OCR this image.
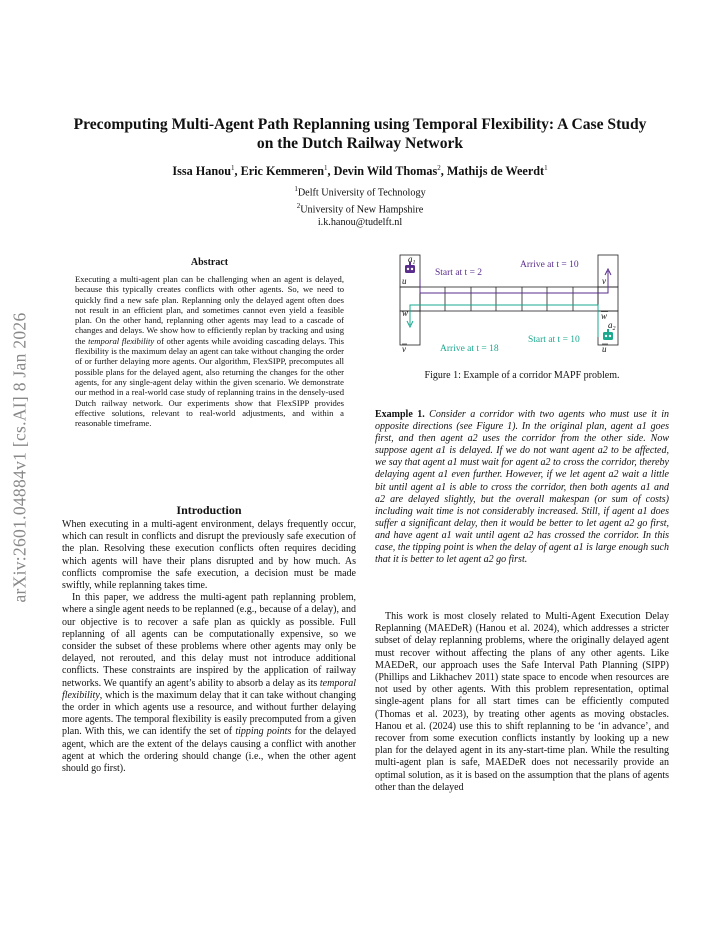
arXiv:2601.04884v1 [cs.AI] 8 Jan 2026
Precomputing Multi-Agent Path Replanning using Temporal Flexibility: A Case Study on the Dutch Railway Network
Issa Hanou$^1$, Eric Kemmeren$^1$, Devin Wild Thomas$^2$, Mathijs de Weerdt$^1$
$^1$Delft University of Technology
$^2$University of New Hampshire
i.k.hanou@tudelft.nl
Abstract
Executing a multi-agent plan can be challenging when an agent is delayed, because this typically creates conflicts with other agents. So, we need to quickly find a new safe plan. Replanning only the delayed agent often does not result in an efficient plan, and sometimes cannot even yield a feasible plan. On the other hand, replanning other agents may lead to a cascade of changes and delays. We show how to efficiently replan by tracking and using the temporal flexibility of other agents while avoiding cascading delays. This flexibility is the maximum delay an agent can take without changing the order of or further delaying more agents. Our algorithm, FlexSIPP, precomputes all possible plans for the delayed agent, also returning the changes for the other agents, for any single-agent delay within the given scenario. We demonstrate our method in a real-world case study of replanning trains in the densely-used Dutch railway network. Our experiments show that FlexSIPP provides effective solutions, relevant to real-world adjustments, and within a reasonable timeframe.
Introduction

When executing in a multi-agent environment, delays frequently occur, which can result in conflicts and disrupt the previously safe execution of the plan. Resolving these execution conflicts often requires deciding which agents will have their plans disrupted and by how much. As conflicts compromise the safe execution, a decision must be made swiftly, while replanning takes time.

In this paper, we address the multi-agent path replanning problem, where a single agent needs to be replanned (e.g., because of a delay), and our objective is to recover a safe plan as quickly as possible. Full replanning of all agents can be computationally expensive, so we consider the subset of these problems where other agents may only be delayed, not rerouted, and this delay must not introduce additional conflicts. These constraints are inspired by the application of railway networks. We quantify an agent’s ability to absorb a delay as its temporal flexibility, which is the maximum delay that it can take without changing the order in which agents use a resource, and without further delaying more agents. The temporal flexibility is easily precomputed from a given plan. With this, we can identify the set of tipping points for the delayed agent, which are the extent of the delays causing a conflict with another agent at which the ordering should change (i.e., when the other agent should go first).

$a_1$
u
w
v
v
w
$a_2$
u
Start at t = 2
Arrive at t = 10
Start at t = 10
Arrive at t = 18
Figure 1: Example of a corridor MAPF problem.
Example 1. Consider a corridor with two agents who must use it in opposite directions (see Figure 1). In the original plan, agent a1 goes first, and then agent a2 uses the corridor from the other side. Now suppose agent a1 is delayed. If we do not want agent a2 to be affected, we say that agent a1 must wait for agent a2 to cross the corridor, thereby delaying agent a1 even further. However, if we let agent a2 wait a little bit until agent a1 is able to cross the corridor, then both agents a1 and a2 are delayed slightly, but the overall makespan (or sum of costs) including wait time is not considerably increased. Still, if agent a1 does suffer a significant delay, then it would be better to let agent a2 go first, and have agent a1 wait until agent a2 has crossed the corridor. In this case, the tipping point is when the delay of agent a1 is large enough such that it is better to let agent a2 go first.
This work is most closely related to Multi-Agent Execution Delay Replanning (MAEDeR) (Hanou et al. 2024), which addresses a stricter subset of delay replanning problems, where the originally delayed agent must recover without affecting the plans of any other agents. Like MAEDeR, our approach uses the Safe Interval Path Planning (SIPP) (Phillips and Likhachev 2011) state space to encode when resources are not used by other agents. With this problem representation, optimal single-agent plans for all start times can be efficiently computed (Thomas et al. 2023), by treating other agents as moving obstacles. Hanou et al. (2024) use this to shift replanning to be ‘in advance’, and recover from some execution conflicts instantly by looking up a new plan for the delayed agent in its any-start-time plan. While the resulting multi-agent plan is safe, MAEDeR does not necessarily provide an optimal solution, as it is based on the assumption that the plans of agents other than the delayed
